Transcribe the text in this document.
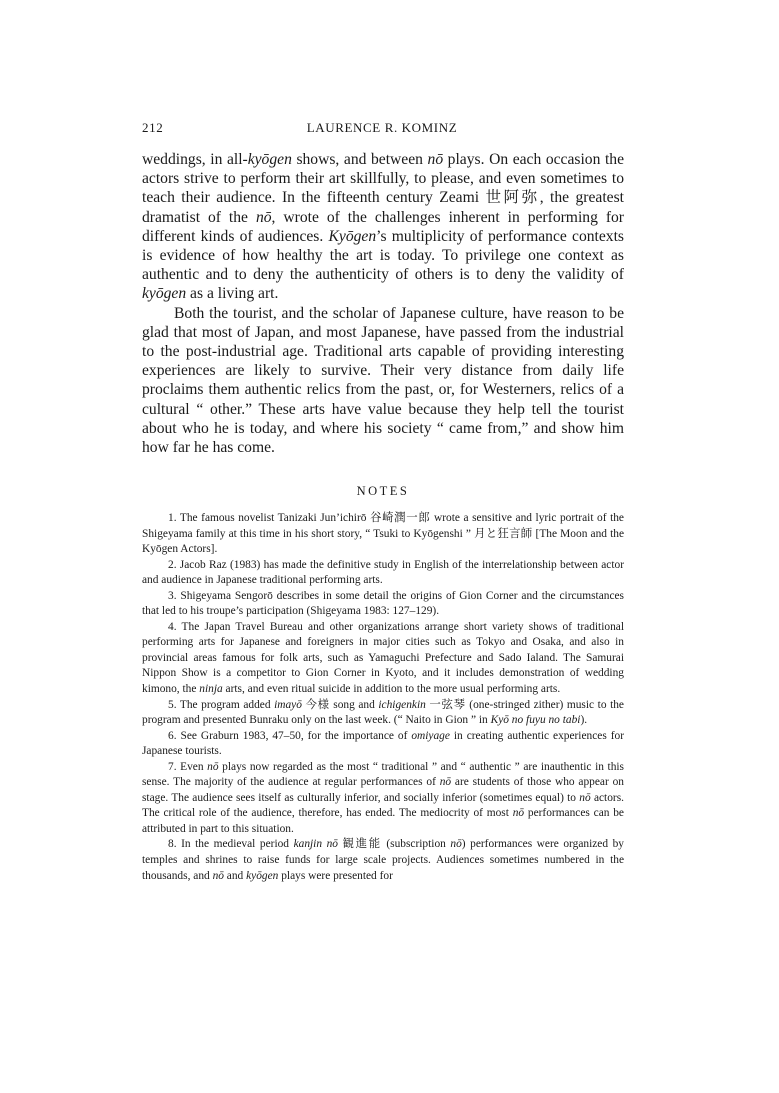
212	LAURENCE R. KOMINZ

weddings, in all-kyōgen shows, and between nō plays. On each occasion the actors strive to perform their art skillfully, to please, and even sometimes to teach their audience. In the fifteenth century Zeami 世阿弥, the greatest dramatist of the nō, wrote of the challenges inherent in performing for different kinds of audiences. Kyōgen’s multiplicity of performance contexts is evidence of how healthy the art is today. To privilege one context as authentic and to deny the authenticity of others is to deny the validity of kyōgen as a living art.

Both the tourist, and the scholar of Japanese culture, have reason to be glad that most of Japan, and most Japanese, have passed from the industrial to the post-industrial age. Traditional arts capable of providing interesting experiences are likely to survive. Their very distance from daily life proclaims them authentic relics from the past, or, for Westerners, relics of a cultural “ other.” These arts have value because they help tell the tourist about who he is today, and where his society “ came from,” and show him how far he has come.

NOTES

1. The famous novelist Tanizaki Jun’ichirō 谷崎潤一郎 wrote a sensitive and lyric portrait of the Shigeyama family at this time in his short story, “ Tsuki to Kyōgenshi ” 月と狂言師 [The Moon and the Kyōgen Actors].

2. Jacob Raz (1983) has made the definitive study in English of the interrelationship between actor and audience in Japanese traditional performing arts.

3. Shigeyama Sengorō describes in some detail the origins of Gion Corner and the circumstances that led to his troupe’s participation (Shigeyama 1983: 127–129).

4. The Japan Travel Bureau and other organizations arrange short variety shows of traditional performing arts for Japanese and foreigners in major cities such as Tokyo and Osaka, and also in provincial areas famous for folk arts, such as Yamaguchi Prefecture and Sado Ialand. The Samurai Nippon Show is a competitor to Gion Corner in Kyoto, and it includes demonstration of wedding kimono, the ninja arts, and even ritual suicide in addition to the more usual performing arts.

5. The program added imayō 今様 song and ichigenkin 一弦琴 (one-stringed zither) music to the program and presented Bunraku only on the last week. (“ Naito in Gion ” in Kyō no fuyu no tabi).

6. See Graburn 1983, 47–50, for the importance of omiyage in creating authentic experiences for Japanese tourists.

7. Even nō plays now regarded as the most “ traditional ” and “ authentic ” are inauthentic in this sense. The majority of the audience at regular performances of nō are students of those who appear on stage. The audience sees itself as culturally inferior, and socially inferior (sometimes equal) to nō actors. The critical role of the audience, therefore, has ended. The mediocrity of most nō performances can be attributed in part to this situation.

8. In the medieval period kanjin nō 観進能 (subscription nō) performances were organized by temples and shrines to raise funds for large scale projects. Audiences sometimes numbered in the thousands, and nō and kyōgen plays were presented for
